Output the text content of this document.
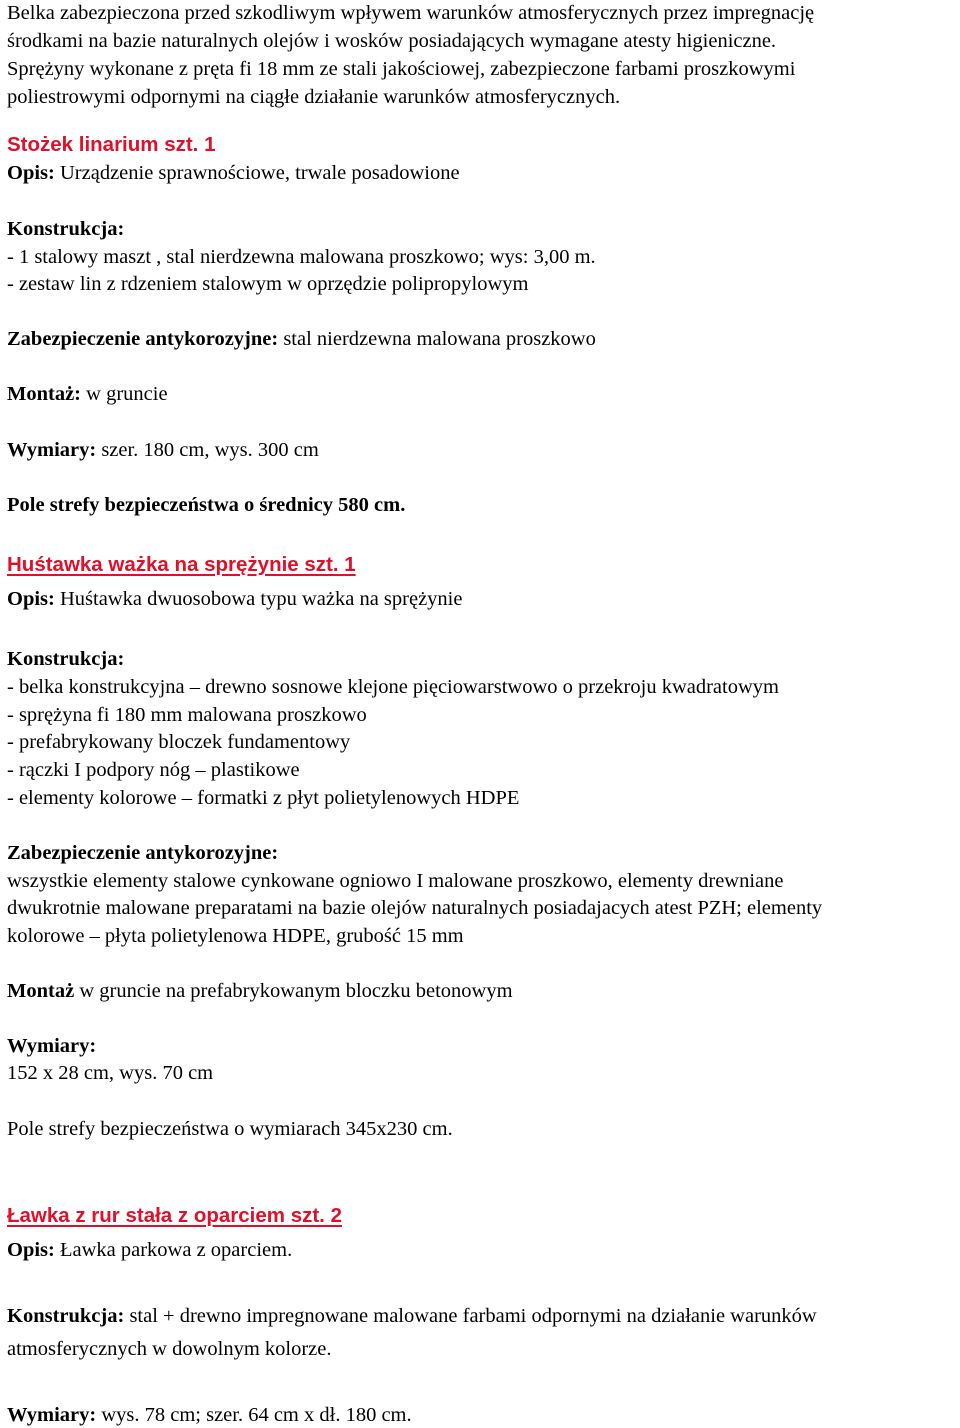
Belka zabezpieczona przed szkodliwym wpływem warunków atmosferycznych przez impregnację
środkami na bazie naturalnych olejów i wosków posiadających wymagane atesty higieniczne.
Sprężyny wykonane z pręta fi 18 mm ze stali jakościowej, zabezpieczone farbami proszkowymi
poliestrowymi odpornymi na ciągłe działanie warunków atmosferycznych.
Stożek linarium szt. 1
Opis: Urządzenie sprawnościowe, trwale posadowione
Konstrukcja:
- 1 stalowy maszt , stal nierdzewna malowana proszkowo; wys: 3,00 m.
- zestaw lin z rdzeniem stalowym w oprzędzie polipropylowym
Zabezpieczenie antykorozyjne: stal nierdzewna malowana proszkowo
Montaż: w gruncie
Wymiary: szer. 180 cm, wys. 300 cm
Pole strefy bezpieczeństwa o średnicy 580 cm.
Huśtawka ważka na sprężynie szt. 1
Opis: Huśtawka dwuosobowa typu ważka na sprężynie
Konstrukcja:
- belka konstrukcyjna – drewno sosnowe klejone pięciowarstwowo o przekroju kwadratowym
- sprężyna fi 180 mm malowana proszkowo
- prefabrykowany bloczek fundamentowy
- rączki I podpory nóg – plastikowe
- elementy kolorowe – formatki z płyt polietylenowych HDPE
Zabezpieczenie antykorozyjne:
wszystkie elementy stalowe cynkowane ogniowo I malowane proszkowo, elementy drewniane
dwukrotnie malowane preparatami na bazie olejów naturalnych posiadajacych atest PZH; elementy
kolorowe – płyta polietylenowa HDPE, grubość 15 mm
Montaż w gruncie na prefabrykowanym bloczku betonowym
Wymiary:
152 x 28 cm, wys. 70 cm
Pole strefy bezpieczeństwa o wymiarach 345x230 cm.
Ławka z rur stała z oparciem szt. 2
Opis: Ławka parkowa z oparciem.
Konstrukcja: stal + drewno impregnowane malowane farbami odpornymi na działanie warunków
atmosferycznych w dowolnym kolorze.
Wymiary: wys. 78 cm; szer. 64 cm x dł. 180 cm.
